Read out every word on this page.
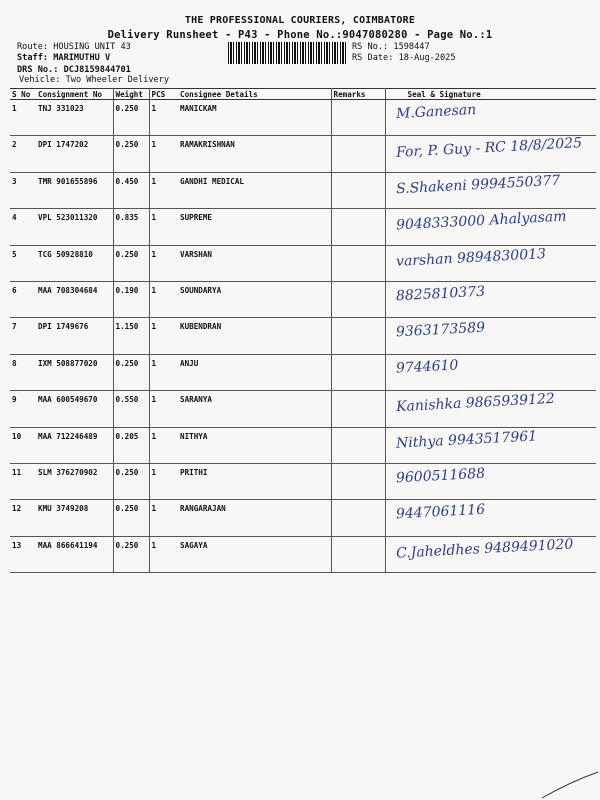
THE PROFESSIONAL COURIERS, COIMBATORE
Delivery Runsheet - P43 - Phone No.:9047080280 - Page No.:1
Route: HOUSING UNIT 43
Staff: MARIMUTHU V
DRS No.: DCJ8159844701
Vehicle: Two Wheeler Delivery
RS No.: 1598447
RS Date: 18-Aug-2025
S No	Consignment No	Weight	PCS	Consignee Details	Remarks	Seal & Signature
1	TNJ 331023	0.250	1	MANICKAM		M.Ganesan

2	DPI 1747202	0.250	1	RAMAKRISHNAN		For, P. Guy - RC 18/8/2025

3	TMR 901655896	0.450	1	GANDHI MEDICAL		S.Shakeni 9994550377

4	VPL 523011320	0.835	1	SUPREME		9048333000 Ahalyasam

5	TCG 50928810	0.250	1	VARSHAN		varshan 9894830013

6	MAA 708304684	0.190	1	SOUNDARYA		8825810373

7	DPI 1749676	1.150	1	KUBENDRAN		9363173589

8	IXM 508877020	0.250	1	ANJU		9744610

9	MAA 600549670	0.550	1	SARANYA		Kanishka 9865939122

10	MAA 712246489	0.205	1	NITHYA		Nithya 9943517961

11	SLM 376270902	0.250	1	PRITHI		9600511688

12	KMU 3749208	0.250	1	RANGARAJAN		9447061116

13	MAA 866641194	0.250	1	SAGAYA		C.Jaheldhes 9489491020
